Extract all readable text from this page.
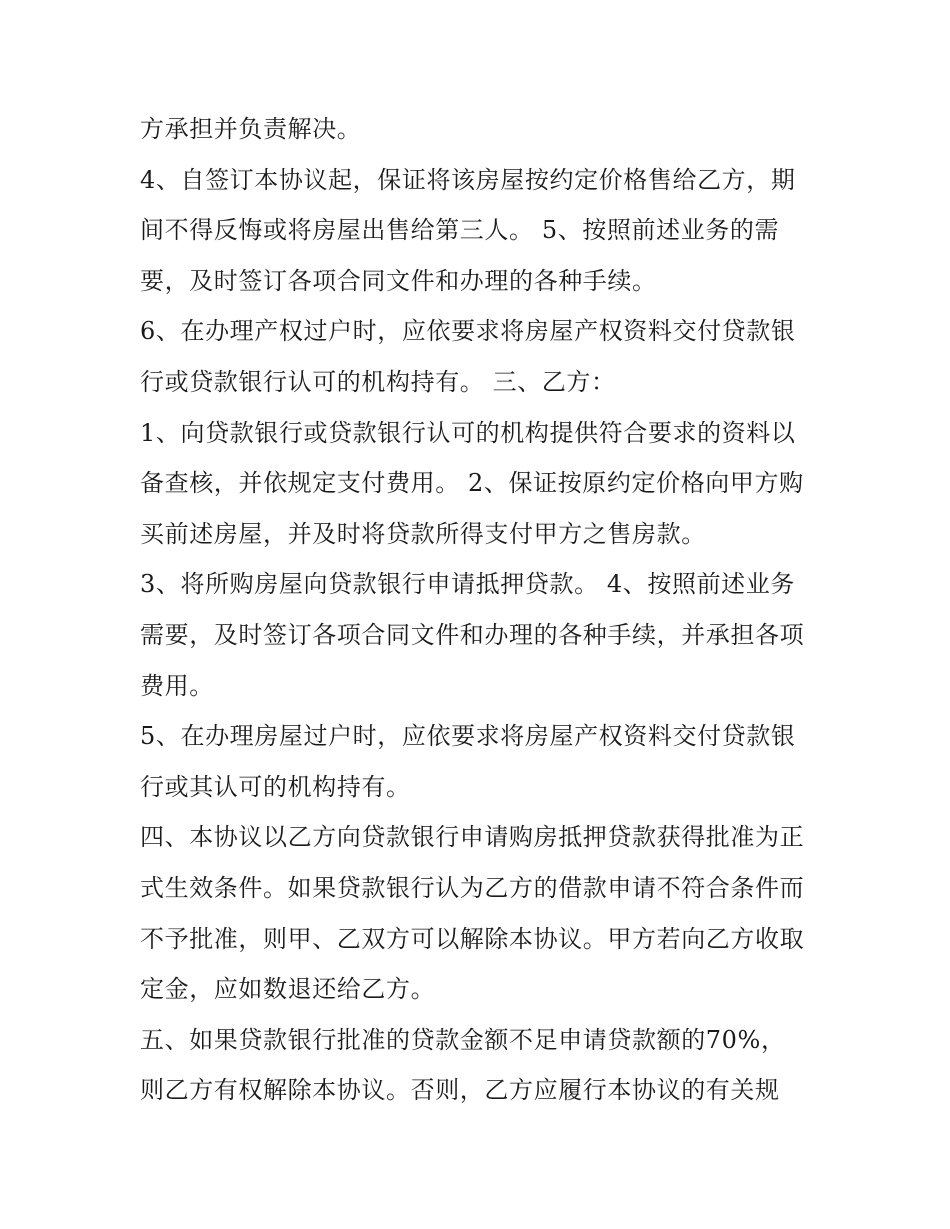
方承担并负责解决。
4、自签订本协议起，保证将该房屋按约定价格售给乙方，期
间不得反悔或将房屋出售给第三人。 5、按照前述业务的需
要，及时签订各项合同文件和办理的各种手续。
6、在办理产权过户时，应依要求将房屋产权资料交付贷款银
行或贷款银行认可的机构持有。 三、乙方：
1、向贷款银行或贷款银行认可的机构提供符合要求的资料以
备查核，并依规定支付费用。 2、保证按原约定价格向甲方购
买前述房屋，并及时将贷款所得支付甲方之售房款。
3、将所购房屋向贷款银行申请抵押贷款。 4、按照前述业务
需要，及时签订各项合同文件和办理的各种手续，并承担各项
费用。
5、在办理房屋过户时，应依要求将房屋产权资料交付贷款银
行或其认可的机构持有。
四、本协议以乙方向贷款银行申请购房抵押贷款获得批准为正
式生效条件。如果贷款银行认为乙方的借款申请不符合条件而
不予批准，则甲、乙双方可以解除本协议。甲方若向乙方收取
定金，应如数退还给乙方。
五、如果贷款银行批准的贷款金额不足申请贷款额的70%，
则乙方有权解除本协议。否则，乙方应履行本协议的有关规
